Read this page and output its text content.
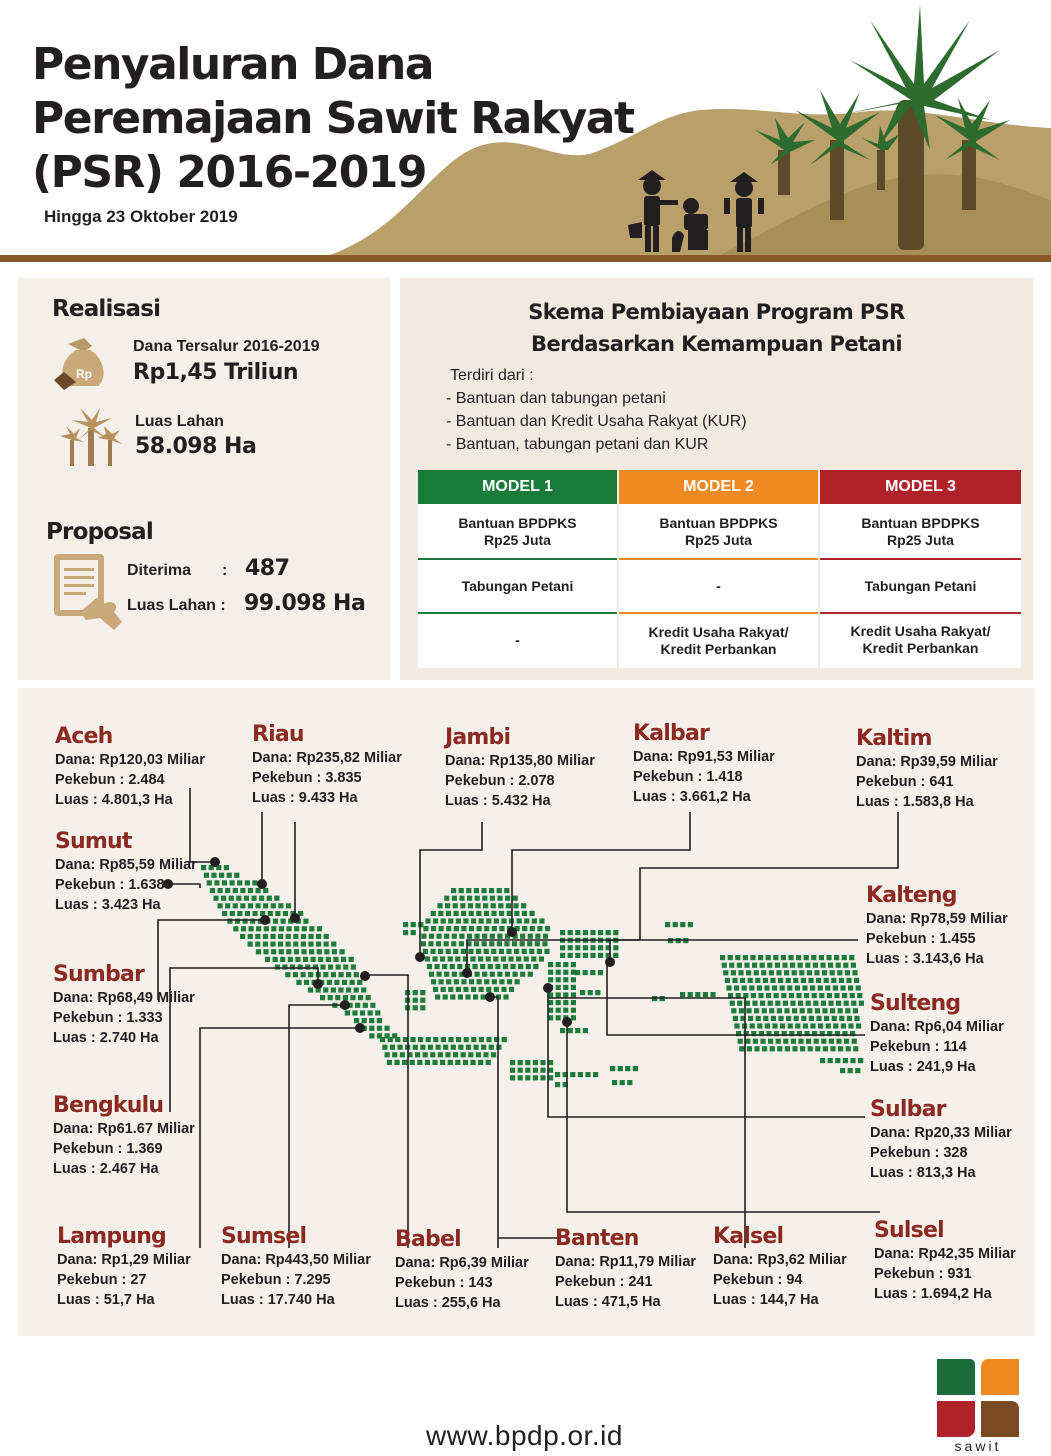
Penyaluran Dana
Peremajaan Sawit Rakyat
(PSR) 2016-2019
Hingga 23 Oktober 2019
Realisasi
Rp
Dana Tersalur 2016-2019
Rp1,45 Triliun
Luas Lahan
58.098 Ha
Proposal
Diterima : 487
Luas Lahan : 99.098 Ha
Skema Pembiayaan Program PSR
Berdasarkan Kemampuan Petani
Terdiri dari :
- Bantuan dan tabungan petani
- Bantuan dan Kredit Usaha Rakyat (KUR)
- Bantuan, tabungan petani dan KUR
MODEL 1
Bantuan BPDPKS
Rp25 Juta
Tabungan Petani
-
MODEL 2
Bantuan BPDPKS
Rp25 Juta
-
Kredit Usaha Rakyat/
Kredit Perbankan
MODEL 3
Bantuan BPDPKS
Rp25 Juta
Tabungan Petani
Kredit Usaha Rakyat/
Kredit Perbankan
Aceh
Dana: Rp120,03 Miliar
Pekebun : 2.484
Luas : 4.801,3 Ha
Riau
Dana: Rp235,82 Miliar
Pekebun : 3.835
Luas : 9.433 Ha
Jambi
Dana: Rp135,80 Miliar
Pekebun : 2.078
Luas : 5.432 Ha
Kalbar
Dana: Rp91,53 Miliar
Pekebun : 1.418
Luas : 3.661,2 Ha
Kaltim
Dana: Rp39,59 Miliar
Pekebun : 641
Luas : 1.583,8 Ha
Sumut
Dana: Rp85,59 Miliar
Pekebun : 1.638
Luas : 3.423 Ha	Kalteng
Dana: Rp78,59 Miliar
Pekebun : 1.455
Luas : 3.143,6 Ha
Sumbar
Dana: Rp68,49 Miliar
Pekebun : 1.333
Luas : 2.740 Ha
Sulteng
Dana: Rp6,04 Miliar
Pekebun : 114
Luas : 241,9 Ha
Bengkulu
Dana: Rp61.67 Miliar
Pekebun : 1.369
Luas : 2.467 Ha
Sulbar
Dana: Rp20,33 Miliar
Pekebun : 328
Luas : 813,3 Ha
Lampung
Dana: Rp1,29 Miliar
Pekebun : 27
Luas : 51,7 Ha
Sumsel
Dana: Rp443,50 Miliar
Pekebun : 7.295
Luas : 17.740 Ha
Babel
Dana: Rp6,39 Miliar
Pekebun : 143
Luas : 255,6 Ha
Banten
Dana: Rp11,79 Miliar
Pekebun : 241
Luas : 471,5 Ha
Kalsel
Dana: Rp3,62 Miliar
Pekebun : 94
Luas : 144,7 Ha
Sulsel
Dana: Rp42,35 Miliar
Pekebun : 931
Luas : 1.694,2 Ha
www.bpdp.or.id	sawit
